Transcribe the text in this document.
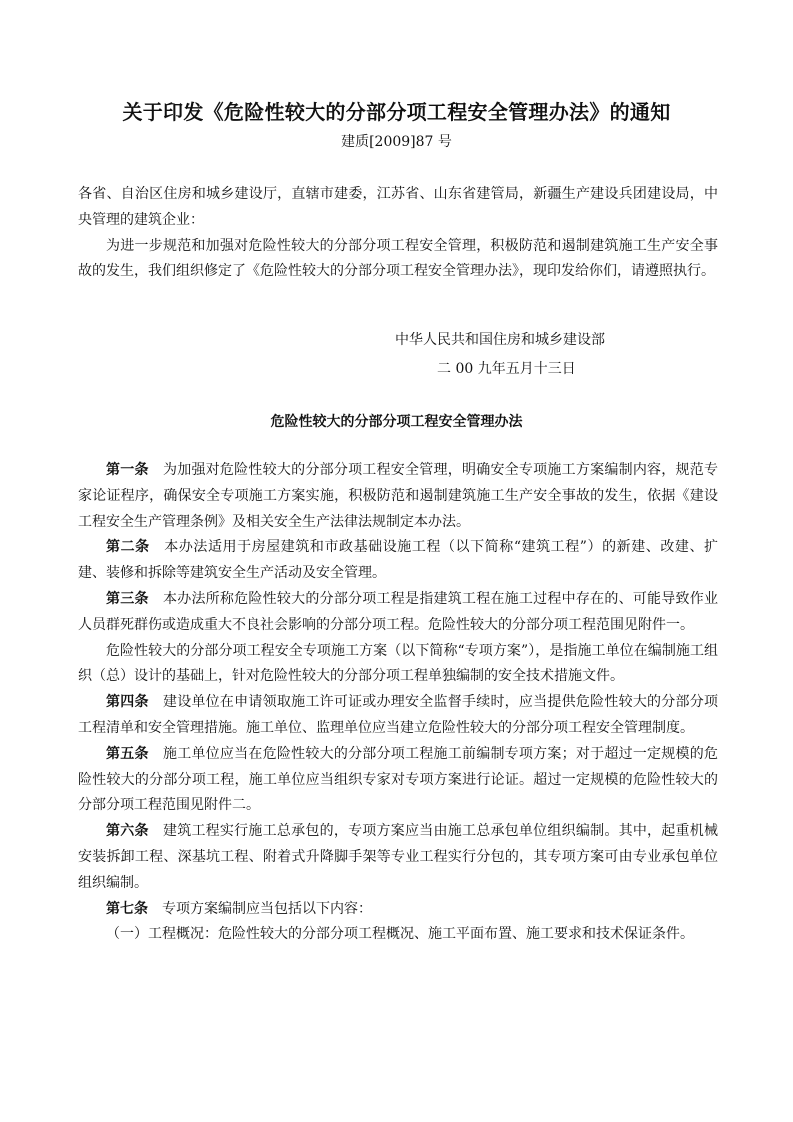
关于印发《危险性较大的分部分项工程安全管理办法》的通知
建质[2009]87 号

各省、自治区住房和城乡建设厅，直辖市建委，江苏省、山东省建管局，新疆生产建设兵团建设局，中央管理的建筑企业：

为进一步规范和加强对危险性较大的分部分项工程安全管理，积极防范和遏制建筑施工生产安全事故的发生，我们组织修定了《危险性较大的分部分项工程安全管理办法》，现印发给你们，请遵照执行。

中华人民共和国住房和城乡建设部
二 00 九年五月十三日
危险性较大的分部分项工程安全管理办法

第一条　 为加强对危险性较大的分部分项工程安全管理，明确安全专项施工方案编制内容，规范专家论证程序，确保安全专项施工方案实施，积极防范和遏制建筑施工生产安全事故的发生，依据《建设工程安全生产管理条例》及相关安全生产法律法规制定本办法。

第二条　 本办法适用于房屋建筑和市政基础设施工程（以下简称“建筑工程”）的新建、改建、扩建、装修和拆除等建筑安全生产活动及安全管理。

第三条　 本办法所称危险性较大的分部分项工程是指建筑工程在施工过程中存在的、可能导致作业人员群死群伤或造成重大不良社会影响的分部分项工程。危险性较大的分部分项工程范围见附件一。

危险性较大的分部分项工程安全专项施工方案（以下简称“专项方案”），是指施工单位在编制施工组织（总）设计的基础上，针对危险性较大的分部分项工程单独编制的安全技术措施文件。

第四条　 建设单位在申请领取施工许可证或办理安全监督手续时，应当提供危险性较大的分部分项工程清单和安全管理措施。施工单位、监理单位应当建立危险性较大的分部分项工程安全管理制度。

第五条　 施工单位应当在危险性较大的分部分项工程施工前编制专项方案；对于超过一定规模的危险性较大的分部分项工程，施工单位应当组织专家对专项方案进行论证。超过一定规模的危险性较大的分部分项工程范围见附件二。

第六条　 建筑工程实行施工总承包的，专项方案应当由施工总承包单位组织编制。其中，起重机械安装拆卸工程、深基坑工程、附着式升降脚手架等专业工程实行分包的，其专项方案可由专业承包单位组织编制。

第七条　 专项方案编制应当包括以下内容：

（一）工程概况：危险性较大的分部分项工程概况、施工平面布置、施工要求和技术保证条件。
